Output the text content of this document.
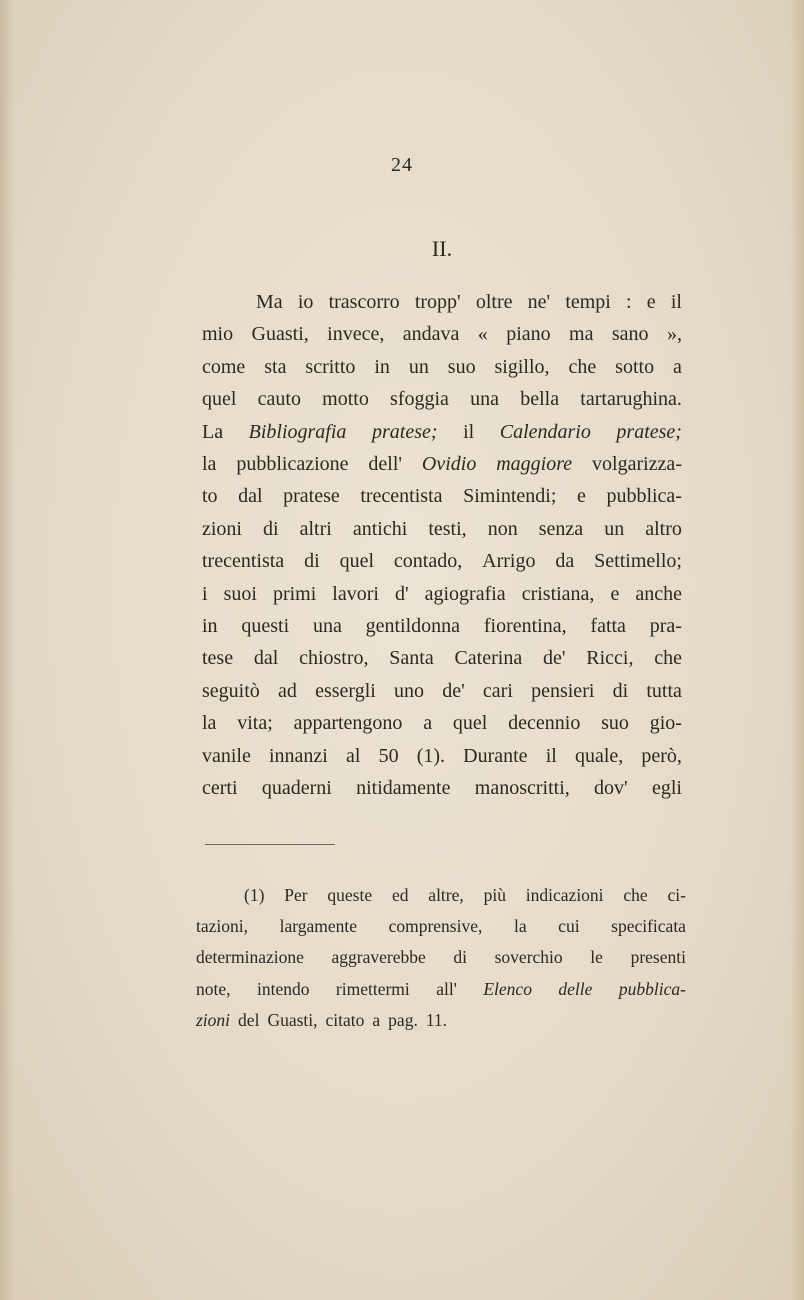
24
II.
Ma io trascorro tropp' oltre ne' tempi : e il
mio Guasti, invece, andava « piano ma sano »,
come sta scritto in un suo sigillo, che sotto a
quel cauto motto sfoggia una bella tartarughina.
La Bibliografia pratese; il Calendario pratese;
la pubblicazione dell' Ovidio maggiore volgarizza-
to dal pratese trecentista Simintendi; e pubblica-
zioni di altri antichi testi, non senza un altro
trecentista di quel contado, Arrigo da Settimello;
i suoi primi lavori d' agiografia cristiana, e anche
in questi una gentildonna fiorentina, fatta pra-
tese dal chiostro, Santa Caterina de' Ricci, che
seguitò ad essergli uno de' cari pensieri di tutta
la vita; appartengono a quel decennio suo gio-
vanile innanzi al 50 (1). Durante il quale, però,
certi quaderni nitidamente manoscritti, dov' egli
(1) Per queste ed altre, più indicazioni che ci-
tazioni, largamente comprensive, la cui specificata
determinazione aggraverebbe di soverchio le presenti
note, intendo rimettermi all' Elenco delle pubblica-
zioni del Guasti, citato a pag. 11.
